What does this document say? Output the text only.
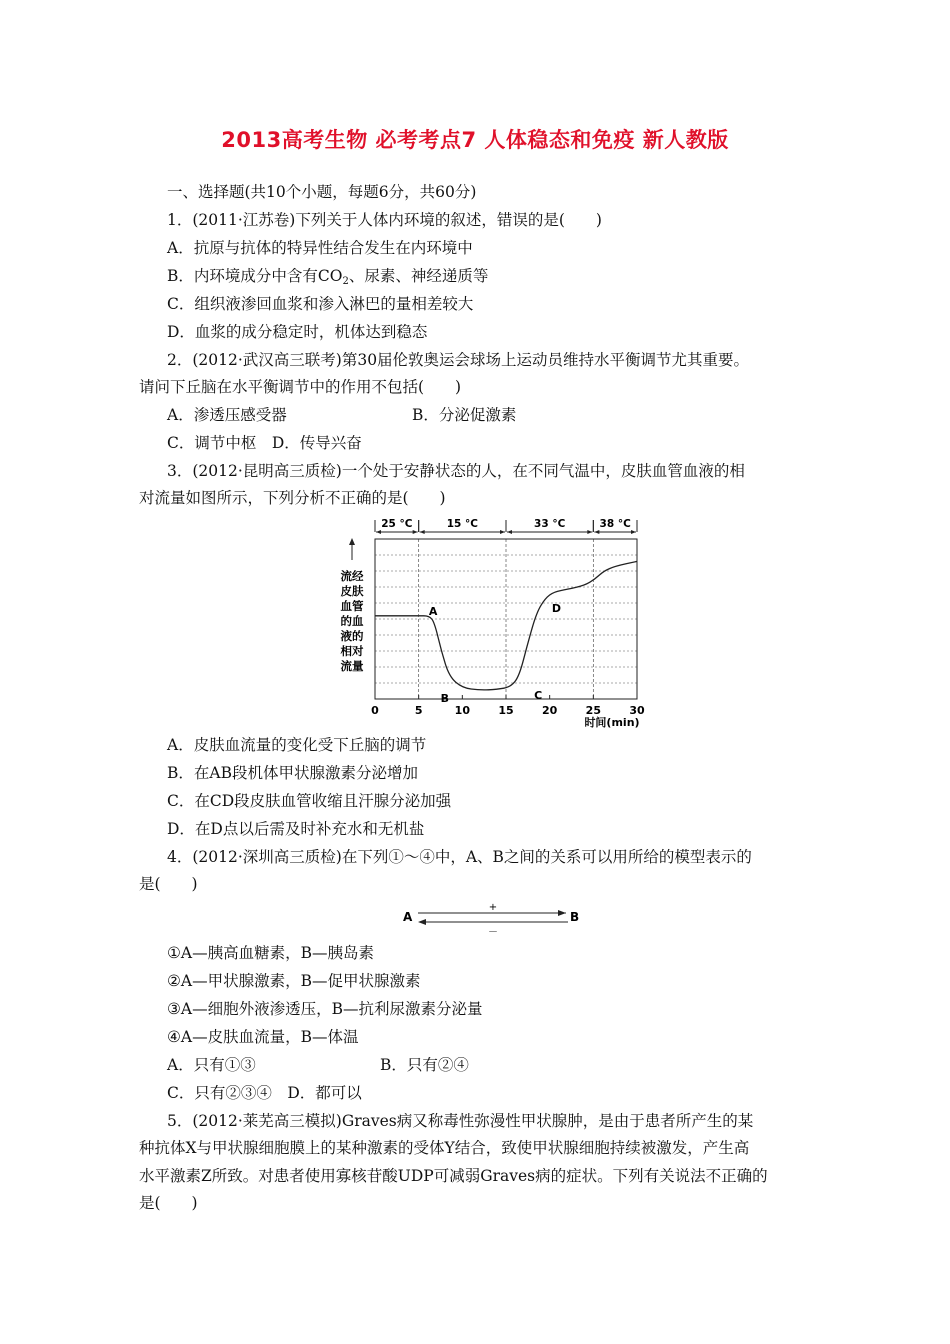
2013高考生物 必考考点7 人体稳态和免疫 新人教版
一、选择题(共10个小题，每题6分，共60分)
1．(2011·江苏卷)下列关于人体内环境的叙述，错误的是(　　)
A．抗原与抗体的特异性结合发生在内环境中
B．内环境成分中含有$CO_2$、尿素、神经递质等
C．组织液渗回血浆和渗入淋巴的量相差较大
D．血浆的成分稳定时，机体达到稳态
2．(2012·武汉高三联考)第30届伦敦奥运会球场上运动员维持水平衡调节尤其重要。
请问下丘脑在水平衡调节中的作用不包括(　　)
A．渗透压感受器	B．分泌促激素
C．调节中枢　D．传导兴奋
3．(2012·昆明高三质检)一个处于安静状态的人，在不同气温中，皮肤血管血液的相
对流量如图所示，下列分析不正确的是(　　)
25 °C	15 °C	33 °C	38 °C
流经
皮肤
血管
的血
液的
相对
流量
0	5	10	15	20	25	30
时间(min)
A
B	C
D
A．皮肤血流量的变化受下丘脑的调节
B．在AB段机体甲状腺激素分泌增加
C．在CD段皮肤血管收缩且汗腺分泌加强
D．在D点以后需及时补充水和无机盐
4．(2012·深圳高三质检)在下列①～④中，A、B之间的关系可以用所给的模型表示的
是(　　)
A	B
+
－
①A—胰高血糖素，B—胰岛素
②A—甲状腺激素，B—促甲状腺激素
③A—细胞外液渗透压，B—抗利尿激素分泌量
④A—皮肤血流量，B—体温
A．只有①③	B．只有②④
C．只有②③④　D．都可以
5．(2012·莱芜高三模拟)Graves病又称毒性弥漫性甲状腺肿，是由于患者所产生的某
种抗体X与甲状腺细胞膜上的某种激素的受体Y结合，致使甲状腺细胞持续被激发，产生高
水平激素Z所致。对患者使用寡核苷酸UDP可减弱Graves病的症状。下列有关说法不正确的
是(　　)
